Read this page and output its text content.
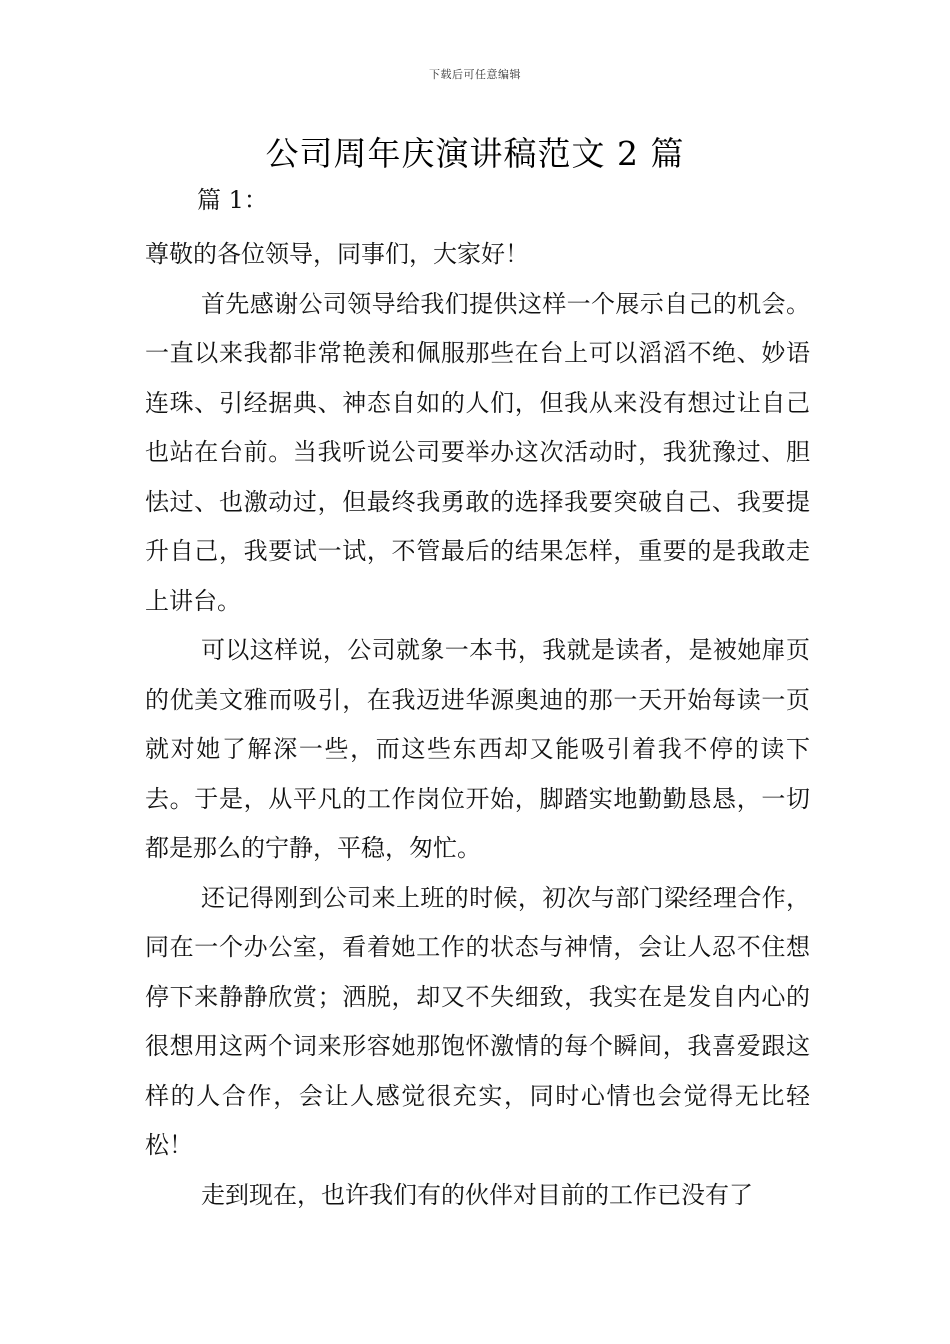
下载后可任意编辑
公司周年庆演讲稿范文 2 篇

篇 1：

尊敬的各位领导，同事们，大家好！

首先感谢公司领导给我们提供这样一个展示自己的机会。一直以来我都非常艳羡和佩服那些在台上可以滔滔不绝、妙语连珠、引经据典、神态自如的人们，但我从来没有想过让自己也站在台前。当我听说公司要举办这次活动时，我犹豫过、胆怯过、也激动过，但最终我勇敢的选择我要突破自己、我要提升自己，我要试一试，不管最后的结果怎样，重要的是我敢走上讲台。

可以这样说，公司就象一本书，我就是读者，是被她扉页的优美文雅而吸引，在我迈进华源奥迪的那一天开始每读一页就对她了解深一些，而这些东西却又能吸引着我不停的读下去。于是，从平凡的工作岗位开始，脚踏实地勤勤恳恳，一切都是那么的宁静，平稳，匆忙。

还记得刚到公司来上班的时候，初次与部门梁经理合作，同在一个办公室，看着她工作的状态与神情，会让人忍不住想停下来静静欣赏；洒脱，却又不失细致，我实在是发自内心的很想用这两个词来形容她那饱怀激情的每个瞬间，我喜爱跟这样的人合作，会让人感觉很充实，同时心情也会觉得无比轻松！

走到现在，也许我们有的伙伴对目前的工作已没有了
